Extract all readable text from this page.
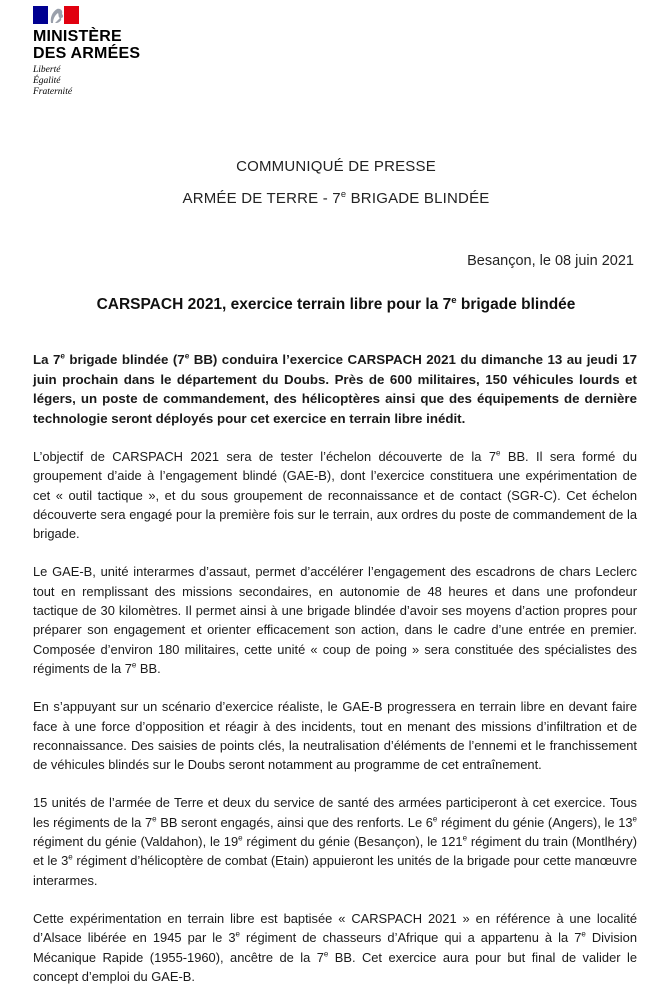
MINISTÈRE
DES ARMÉES
Liberté
Égalité
Fraternité
COMMUNIQUÉ DE PRESSE
ARMÉE DE TERRE - 7e BRIGADE BLINDÉE
Besançon, le 08 juin 2021
CARSPACH 2021, exercice terrain libre pour la 7e brigade blindée

La 7e brigade blindée (7e BB) conduira l’exercice CARSPACH 2021 du dimanche 13 au jeudi 17 juin prochain dans le département du Doubs. Près de 600 militaires, 150 véhicules lourds et légers, un poste de commandement, des hélicoptères ainsi que des équipements de dernière technologie seront déployés pour cet exercice en terrain libre inédit.

L’objectif de CARSPACH 2021 sera de tester l’échelon découverte de la 7e BB. Il sera formé du groupement d’aide à l’engagement blindé (GAE-B), dont l’exercice constituera une expérimentation de cet « outil tactique », et du sous groupement de reconnaissance et de contact (SGR-C). Cet échelon découverte sera engagé pour la première fois sur le terrain, aux ordres du poste de commandement de la brigade.

Le GAE-B, unité interarmes d’assaut, permet d’accélérer l’engagement des escadrons de chars Leclerc tout en remplissant des missions secondaires, en autonomie de 48 heures et dans une profondeur tactique de 30 kilomètres. Il permet ainsi à une brigade blindée d’avoir ses moyens d’action propres pour préparer son engagement et orienter efficacement son action, dans le cadre d’une entrée en premier. Composée d’environ 180 militaires, cette unité « coup de poing » sera constituée des spécialistes des régiments de la 7e BB.

En s’appuyant sur un scénario d’exercice réaliste, le GAE-B progressera en terrain libre en devant faire face à une force d’opposition et réagir à des incidents, tout en menant des missions d’infiltration et de reconnaissance. Des saisies de points clés, la neutralisation d’éléments de l’ennemi et le franchissement de véhicules blindés sur le Doubs seront notamment au programme de cet entraînement.

15 unités de l’armée de Terre et deux du service de santé des armées participeront à cet exercice. Tous les régiments de la 7e BB seront engagés, ainsi que des renforts. Le 6e régiment du génie (Angers), le 13e régiment du génie (Valdahon), le 19e régiment du génie (Besançon), le 121e régiment du train (Montlhéry) et le 3e régiment d’hélicoptère de combat (Etain) appuieront les unités de la brigade pour cette manœuvre interarmes.

Cette expérimentation en terrain libre est baptisée « CARSPACH 2021 » en référence à une localité d’Alsace libérée en 1945 par le 3e régiment de chasseurs d’Afrique qui a appartenu à la 7e Division Mécanique Rapide (1955-1960), ancêtre de la 7e BB. Cet exercice aura pour but final de valider le concept d’emploi du GAE-B.
